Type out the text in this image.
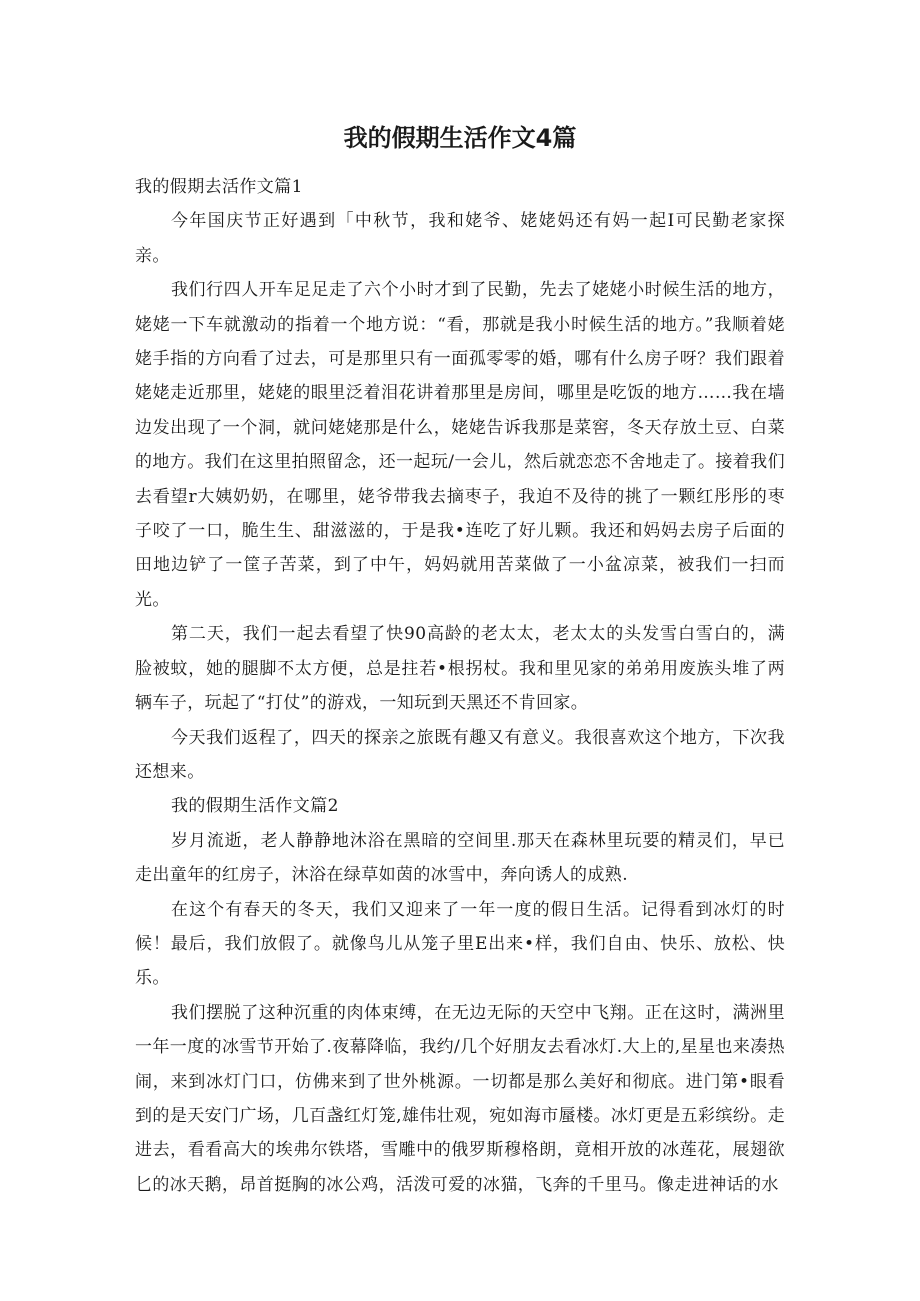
我的假期生活作文4篇

我的假期去活作文篇1

今年国庆节正好遇到「中秋节，我和姥爷、姥姥妈还有妈一起I可民勤老家探亲。

我们行四人开车足足走了六个小时才到了民勤，先去了姥姥小时候生活的地方，姥姥一下车就激动的指着一个地方说：“看，那就是我小时候生活的地方。”我顺着姥姥手指的方向看了过去，可是那里只有一面孤零零的婚，哪有什么房子呀？我们跟着姥姥走近那里，姥姥的眼里泛着泪花讲着那里是房间，哪里是吃饭的地方……我在墙边发出现了一个洞，就问姥姥那是什么，姥姥告诉我那是菜窖，冬天存放土豆、白菜的地方。我们在这里拍照留念，还一起玩/一会儿，然后就恋恋不舍地走了。接着我们去看望r大姨奶奶，在哪里，姥爷带我去摘枣子，我迫不及待的挑了一颗红彤彤的枣子咬了一口，脆生生、甜滋滋的，于是我•连吃了好儿颗。我还和妈妈去房子后面的田地边铲了一筐子苦菜，到了中午，妈妈就用苦菜做了一小盆凉菜，被我们一扫而光。

第二天，我们一起去看望了快90高龄的老太太，老太太的头发雪白雪白的，满脸被蚊，她的腿脚不太方便，总是拄若•根拐杖。我和里见家的弟弟用废族头堆了两辆车子，玩起了“打仗”的游戏，一知玩到天黑还不肯回家。

今天我们返程了，四天的探亲之旅既有趣又有意义。我很喜欢这个地方，下次我还想来。

我的假期生活作文篇2

岁月流逝，老人静静地沐浴在黑暗的空间里.那天在森林里玩要的精灵们，早已走出童年的红房子，沐浴在绿草如茵的冰雪中，奔向诱人的成熟.

在这个有春天的冬天，我们又迎来了一年一度的假日生活。记得看到冰灯的时候！最后，我们放假了。就像鸟儿从笼子里E出来•样，我们自由、快乐、放松、快乐。

我们摆脱了这种沉重的肉体束缚，在无边无际的天空中飞翔。正在这时，满洲里一年一度的冰雪节开始了.夜幕降临，我约/几个好朋友去看冰灯.大上的,星星也来凑热闹，来到冰灯门口，仿佛来到了世外桃源。一切都是那么美好和彻底。进门第•眼看到的是天安门广场，几百盏红灯笼,雄伟壮观，宛如海市蜃楼。冰灯更是五彩缤纷。走进去，看看高大的埃弗尔铁塔，雪雕中的俄罗斯穆格朗，竟相开放的冰莲花，展翅欲匕的冰天鹅，昂首挺胸的冰公鸡，活泼可爱的冰猫，飞奔的千里马。像走进神话的水
